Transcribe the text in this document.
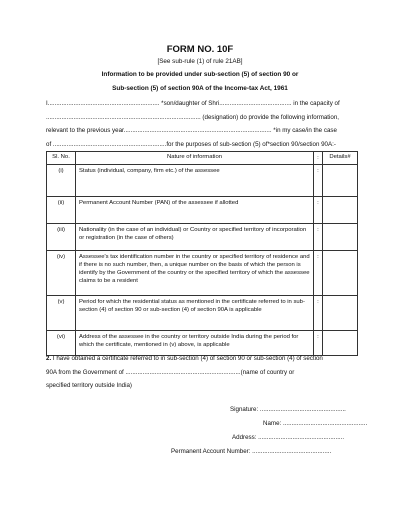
FORM NO. 10F
[See sub-rule (1) of rule 21AB]
Information to be provided under sub-section (5) of section 90 or
Sub-section (5) of section 90A of the Income-tax Act, 1961
I................................................................. *son/daughter of Shri.......................................... in the capacity of
.......................................................................................... (designation) do provide the following information,
relevant to the previous year...................................................................................... *in my case/in the case
of ..................................................................for the purposes of sub-section (5) of*section 90/section 90A:-
Sl. No.	Nature of information	:	Details#
(i)	Status (individual, company, firm etc.) of the assessee	:	
(ii)	Permanent Account Number (PAN) of the assessee if allotted	:	
(iii)	Nationality (in the case of an individual) or Country or specified territory of incorporation or registration (in the case of others)	:	
(iv)	Assessee's tax identification number in the country or specified territory of residence and if there is no such number, then, a unique number on the basis of which the person is identify by the Government of the country or the specified territory of which the assessee claims to be a resident	:	
(v)	Period for which the residential status as mentioned in the certificate referred to in sub-section (4) of section 90 or sub-section (4) of section 90A is applicable	:	
(vi)	Address of the assessee in the country or territory outside India during the period for which the certificate, mentioned in (v) above, is applicable	:	
2. I have obtained a certificate referred to in sub-section (4) of section 90 or sub-section (4) of section
90A from the Government of ...................................................................(name of country or
specified territory outside India)
Signature: ..................................................
Name: .................................................
Address: ..................................................
Permanent Account Number: ..............................................
